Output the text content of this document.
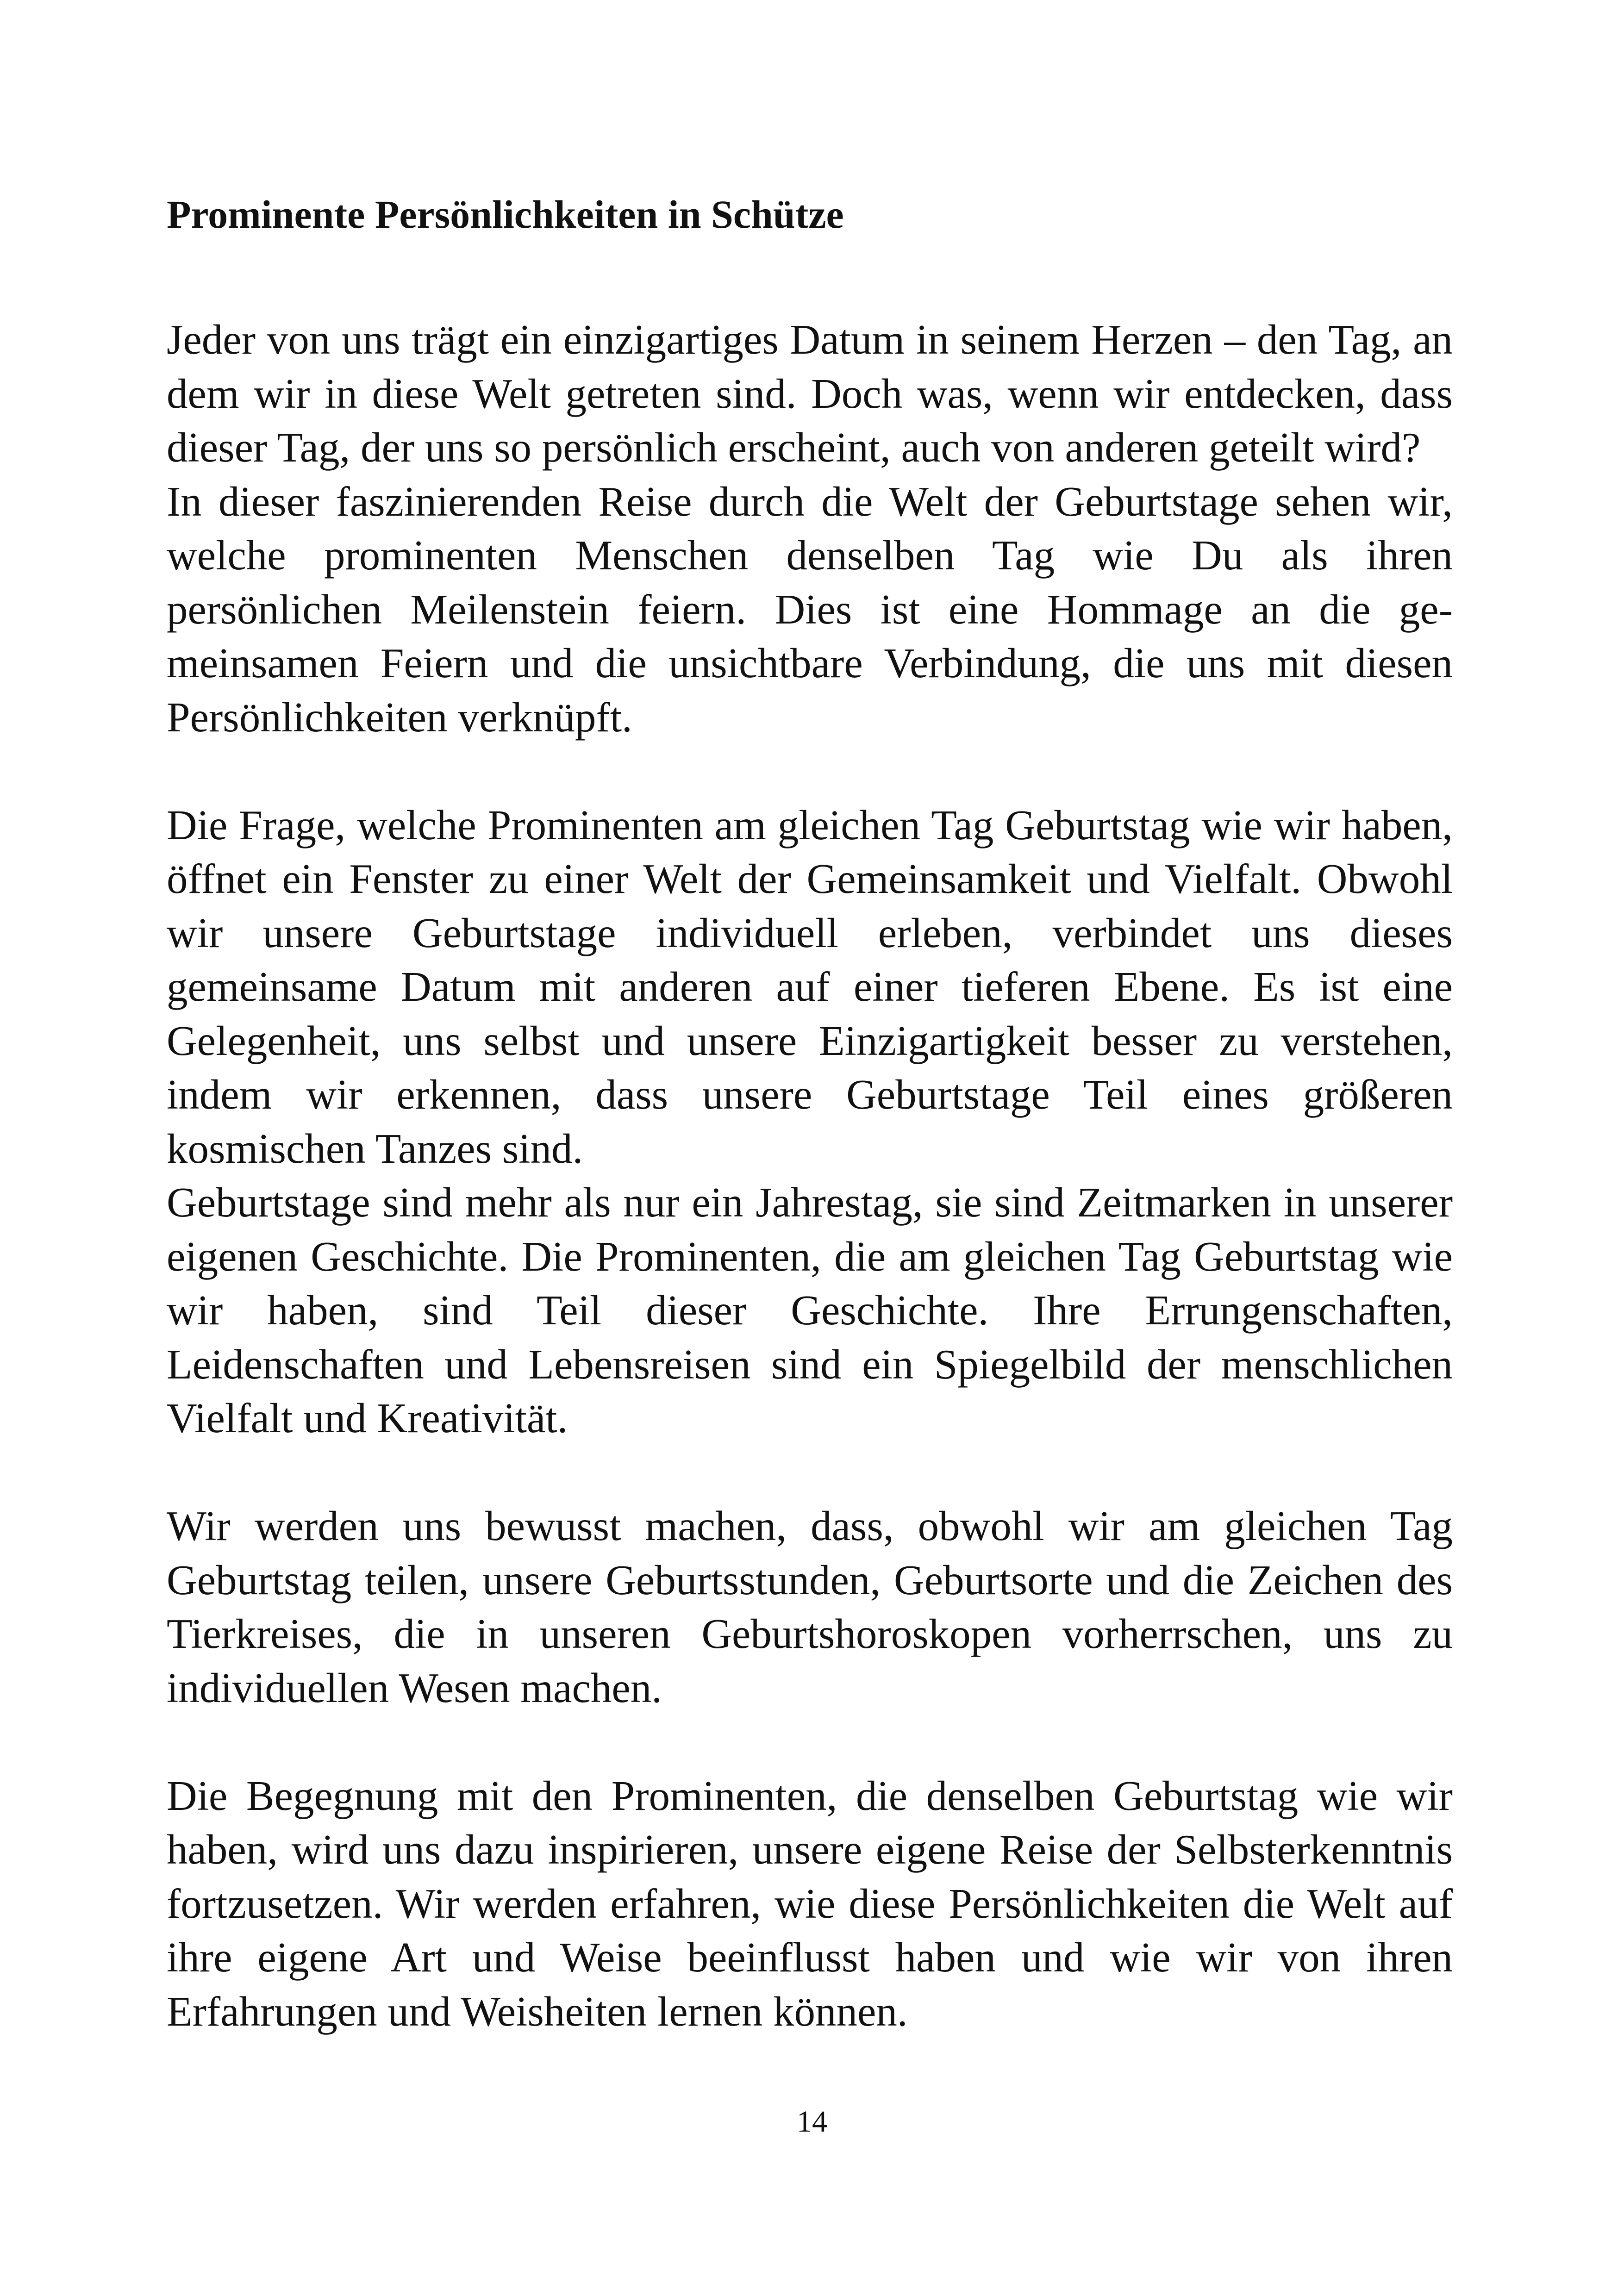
Prominente Persönlichkeiten in Schütze

Jeder von uns trägt ein einzigartiges Datum in seinem Herzen – den Tag, an dem wir in diese Welt getreten sind. Doch was, wenn wir entdecken, dass dieser Tag, der uns so persönlich erscheint, auch von anderen geteilt wird?

In dieser faszinierenden Reise durch die Welt der Geburtstage sehen wir, welche prominenten Menschen denselben Tag wie Du als ihren persönlichen Meilenstein feiern. Dies ist eine Hommage an die gemeinsamen Feiern und die unsichtbare Verbindung, die uns mit diesen Persönlichkeiten verknüpft.

Die Frage, welche Prominenten am gleichen Tag Geburtstag wie wir haben, öffnet ein Fenster zu einer Welt der Gemeinsamkeit und Vielfalt. Obwohl wir unsere Geburtstage individuell erleben, verbindet uns dieses gemeinsame Datum mit anderen auf einer tieferen Ebene. Es ist eine Gelegenheit, uns selbst und unsere Einzigartigkeit besser zu verstehen, indem wir erkennen, dass unsere Geburtstage Teil eines größeren kosmischen Tanzes sind.

Geburtstage sind mehr als nur ein Jahrestag, sie sind Zeitmarken in unserer eigenen Geschichte. Die Prominenten, die am gleichen Tag Geburtstag wie wir haben, sind Teil dieser Geschichte. Ihre Errungenschaften, Leidenschaften und Lebensreisen sind ein Spiegelbild der menschlichen Vielfalt und Kreativität.

Wir werden uns bewusst machen, dass, obwohl wir am gleichen Tag Geburtstag teilen, unsere Geburtsstunden, Geburtsorte und die Zeichen des Tierkreises, die in unseren Geburtshoroskopen vorherrschen, uns zu individuellen Wesen machen.

Die Begegnung mit den Prominenten, die denselben Geburtstag wie wir haben, wird uns dazu inspirieren, unsere eigene Reise der Selbsterkenntnis fortzusetzen. Wir werden erfahren, wie diese Persönlichkeiten die Welt auf ihre eigene Art und Weise beeinflusst haben und wie wir von ihren Erfahrungen und Weisheiten lernen können.

14
